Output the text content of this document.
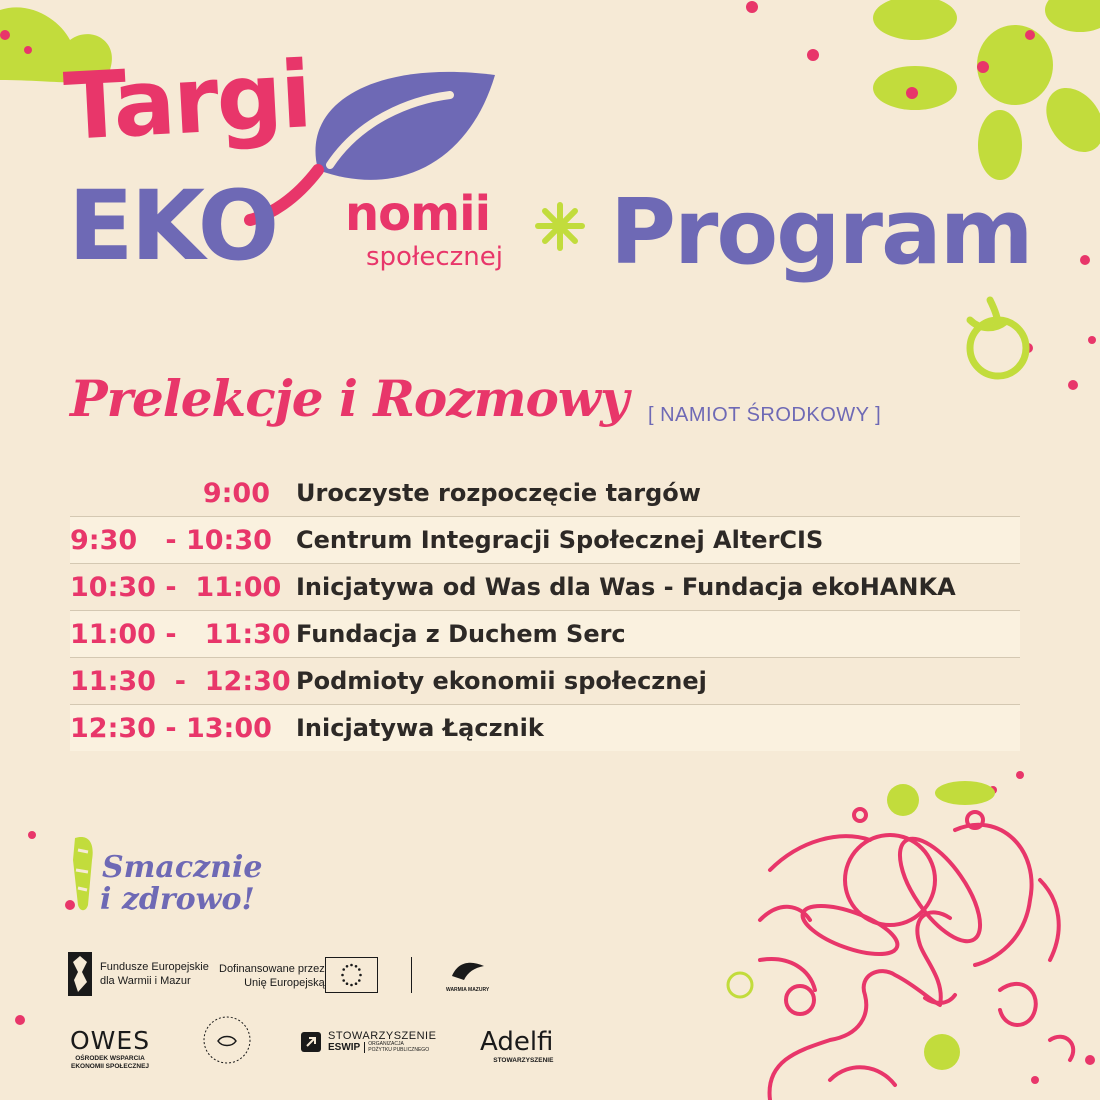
Targi
EKO nomii
społecznej Program
Prelekcje i Rozmowy [ NAMIOT ŚRODKOWY ]
9:00	Uroczyste rozpoczęcie targów
9:30   - 10:30	Centrum Integracji Społecznej AlterCIS
10:30 -  11:00 Inicjatywa od Was dla Was - Fundacja ekoHANKA
11:00 -   11:30 Fundacja z Duchem Serc
11:30  -  12:30 Podmioty ekonomii społecznej
12:30 - 13:00	Inicjatywa Łącznik
Smacznie
i zdrowo!
Fundusze Europejskie
dla Warmii i Mazur
Dofinansowane przez
Unię Europejską
WARMIA MAZURY
OWES
OŚRODEK WSPARCIA
EKONOMII SPOŁECZNEJ
STOWARZYSZENIE
ESWIP ORGANIZACJA
POŻYTKU PUBLICZNEGO Adelfi
STOWARZYSZENIE
